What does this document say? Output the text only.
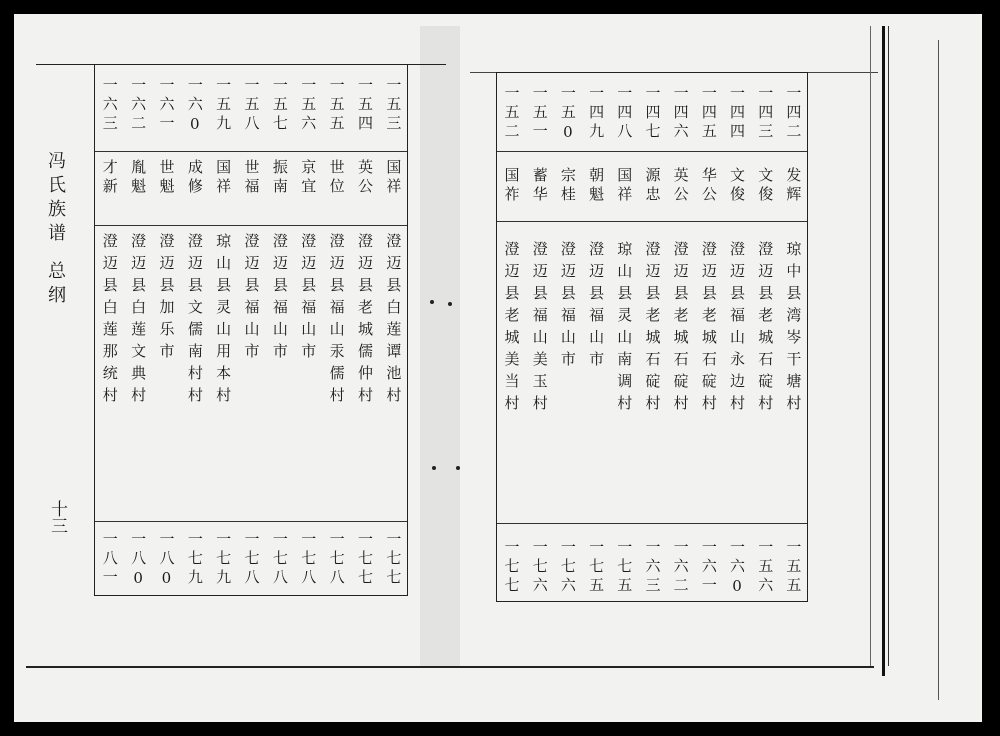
冯
氏
族
谱
总
纲
十三
一五三
国祥
澄迈县白莲谭池村
一七七
一五四
英公
澄迈县老城儒仲村
一七七
一五五
世位
澄迈县福山汞儒村
一七八
一五六
京宜
澄迈县福山市
一七八
一五七
振南
澄迈县福山市
一七八
一五八
世福
澄迈县福山市
一七八
一五九
国祥
琼山县灵山用本村
一七九
一六0
成修
澄迈县文儒南村村
一七九
一六一
世魁
澄迈县加乐市
一八0
一六二
胤魁
澄迈县白莲文典村
一八0
一六三
才新
澄迈县白莲那统村
一八一
一四二
发辉
琼中县湾岑干塘村
一五五
一四三
文俊
澄迈县老城石碇村
一五六
一四四
文俊
澄迈县福山永边村
一六0
一四五
华公
澄迈县老城石碇村
一六一
一四六
英公
澄迈县老城石碇村
一六二
一四七
源忠
澄迈县老城石碇村
一六三
一四八
国祥
琼山县灵山南调村
一七五
一四九
朝魁
澄迈县福山市
一七五
一五0
宗桂
澄迈县福山市
一七六
一五一
蓄华
澄迈县福山美玉村
一七六
一五二
国祚
澄迈县老城美当村
一七七
